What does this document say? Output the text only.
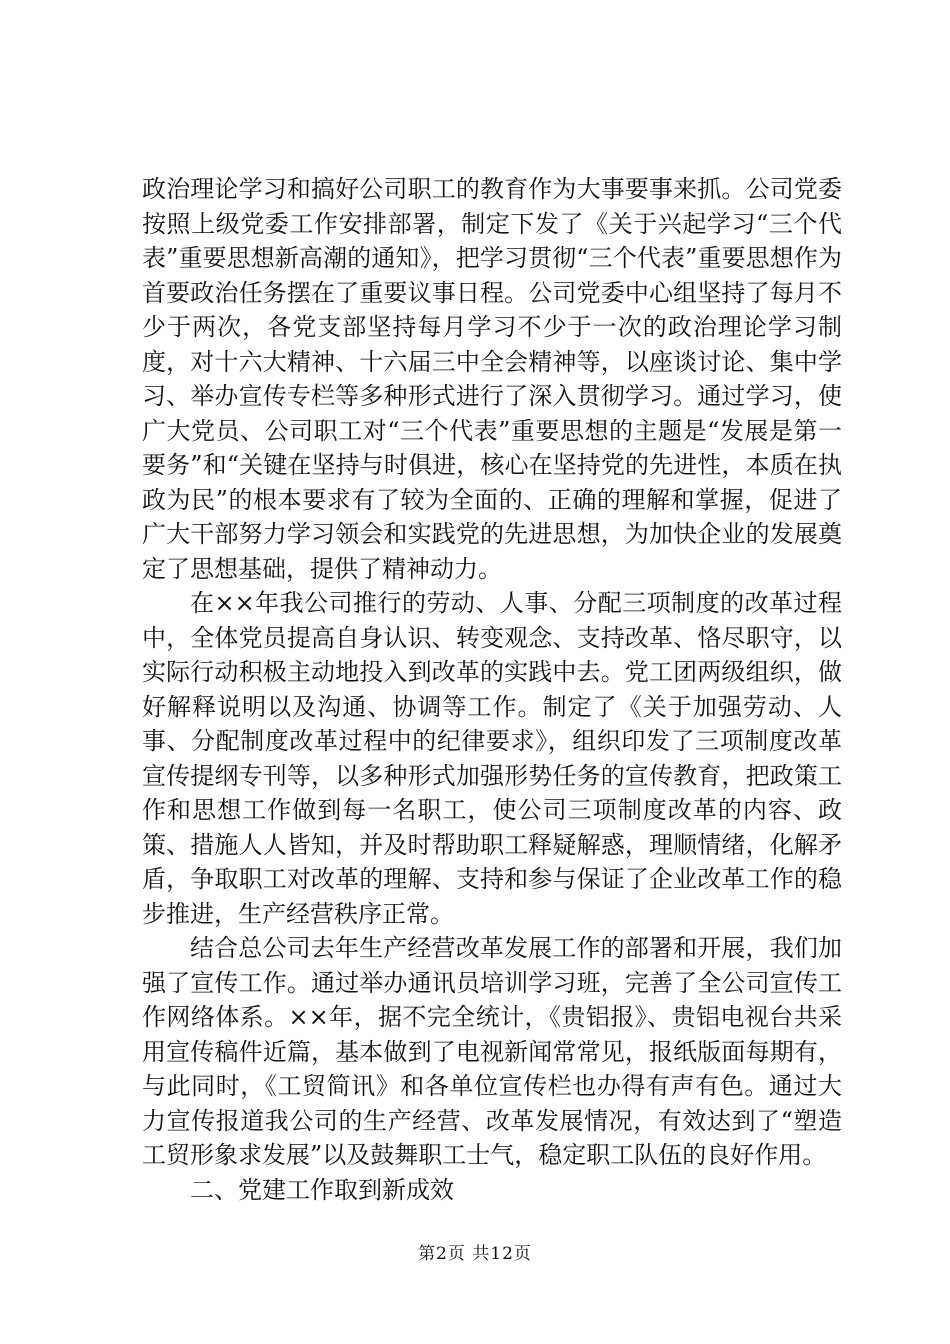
政治理论学习和搞好公司职工的教育作为大事要事来抓。公司党委按照上级党委工作安排部署，制定下发了《关于兴起学习“三个代表”重要思想新高潮的通知》，把学习贯彻“三个代表”重要思想作为首要政治任务摆在了重要议事日程。公司党委中心组坚持了每月不少于两次，各党支部坚持每月学习不少于一次的政治理论学习制度，对十六大精神、十六届三中全会精神等，以座谈讨论、集中学习、举办宣传专栏等多种形式进行了深入贯彻学习。通过学习，使广大党员、公司职工对“三个代表”重要思想的主题是“发展是第一要务”和“关键在坚持与时俱进，核心在坚持党的先进性，本质在执政为民”的根本要求有了较为全面的、正确的理解和掌握，促进了广大干部努力学习领会和实践党的先进思想，为加快企业的发展奠定了思想基础，提供了精神动力。

在××年我公司推行的劳动、人事、分配三项制度的改革过程中，全体党员提高自身认识、转变观念、支持改革、恪尽职守，以实际行动积极主动地投入到改革的实践中去。党工团两级组织，做好解释说明以及沟通、协调等工作。制定了《关于加强劳动、人事、分配制度改革过程中的纪律要求》，组织印发了三项制度改革宣传提纲专刊等，以多种形式加强形势任务的宣传教育，把政策工作和思想工作做到每一名职工，使公司三项制度改革的内容、政策、措施人人皆知，并及时帮助职工释疑解惑，理顺情绪，化解矛盾，争取职工对改革的理解、支持和参与保证了企业改革工作的稳步推进，生产经营秩序正常。

结合总公司去年生产经营改革发展工作的部署和开展，我们加强了宣传工作。通过举办通讯员培训学习班，完善了全公司宣传工作网络体系。××年，据不完全统计，《贵铝报》、贵铝电视台共采用宣传稿件近篇，基本做到了电视新闻常常见，报纸版面每期有，与此同时，《工贸简讯》和各单位宣传栏也办得有声有色。通过大力宣传报道我公司的生产经营、改革发展情况，有效达到了“塑造工贸形象求发展”以及鼓舞职工士气，稳定职工队伍的良好作用。

二、党建工作取到新成效

第2页 共12页
